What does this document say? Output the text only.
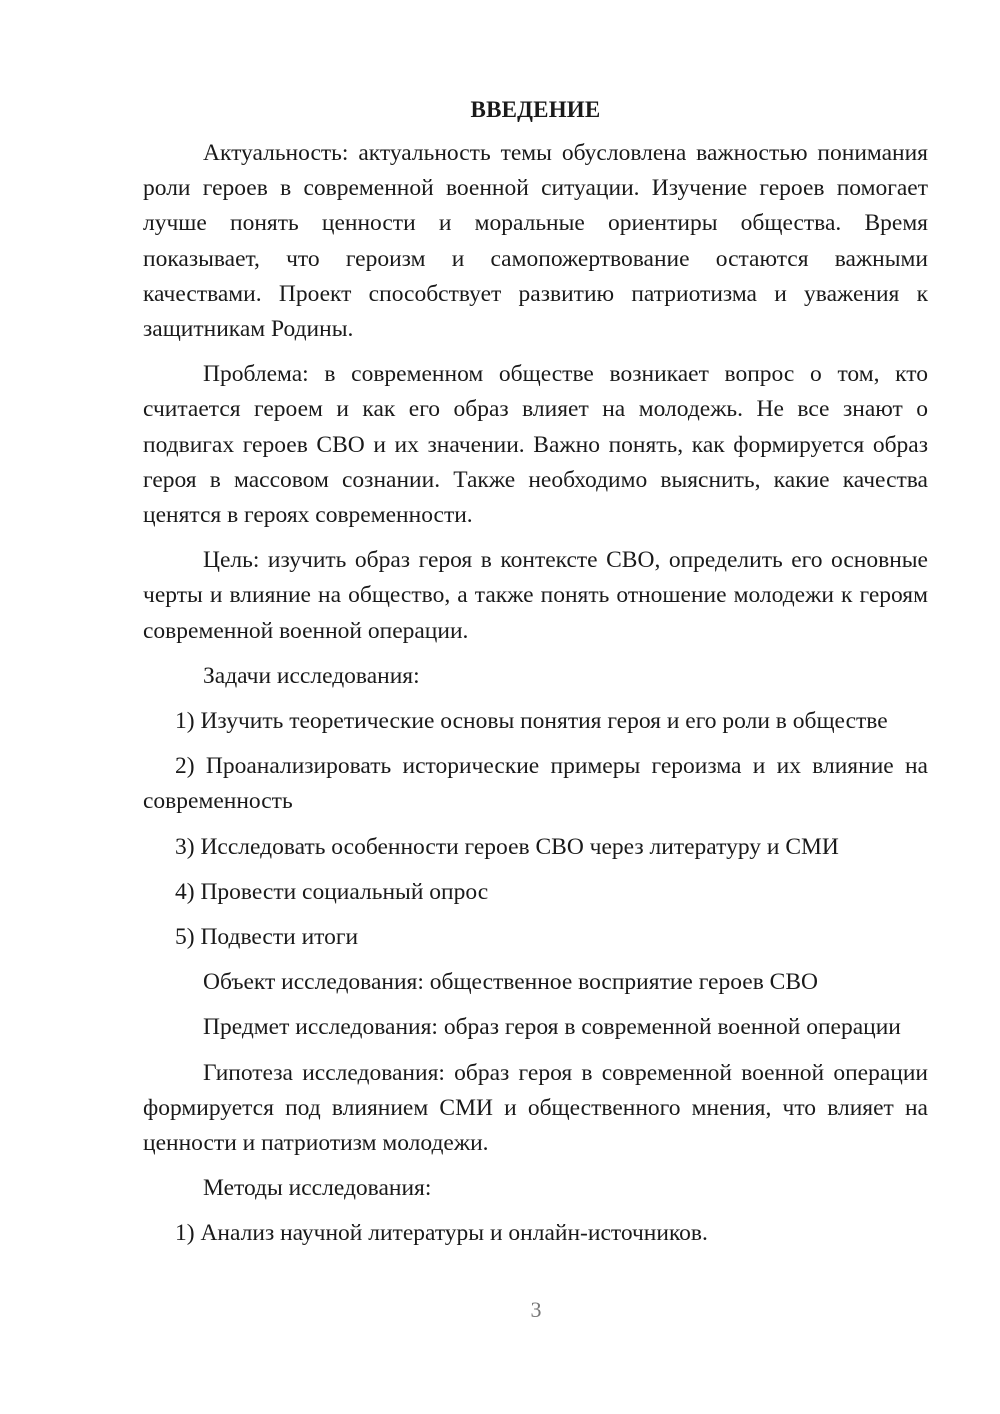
ВВЕДЕНИЕ

Актуальность: актуальность темы обусловлена важностью понимания роли героев в современной военной ситуации. Изучение героев помогает лучше понять ценности и моральные ориентиры общества. Время показывает, что героизм и самопожертвование остаются важными качествами. Проект способствует развитию патриотизма и уважения к защитникам Родины.

Проблема: в современном обществе возникает вопрос о том, кто считается героем и как его образ влияет на молодежь. Не все знают о подвигах героев СВО и их значении. Важно понять, как формируется образ героя в массовом сознании. Также необходимо выяснить, какие качества ценятся в героях современности.

Цель: изучить образ героя в контексте СВО, определить его основные черты и влияние на общество, а также понять отношение молодежи к героям современной военной операции.

Задачи исследования:

1) Изучить теоретические основы понятия героя и его роли в обществе

2) Проанализировать исторические примеры героизма и их влияние на современность

3) Исследовать особенности героев СВО через литературу и СМИ

4) Провести социальный опрос

5) Подвести итоги

Объект исследования: общественное восприятие героев СВО

Предмет исследования: образ героя в современной военной операции

Гипотеза исследования: образ героя в современной военной операции формируется под влиянием СМИ и общественного мнения, что влияет на ценности и патриотизм молодежи.

Методы исследования:

1) Анализ научной литературы и онлайн-источников.

3
